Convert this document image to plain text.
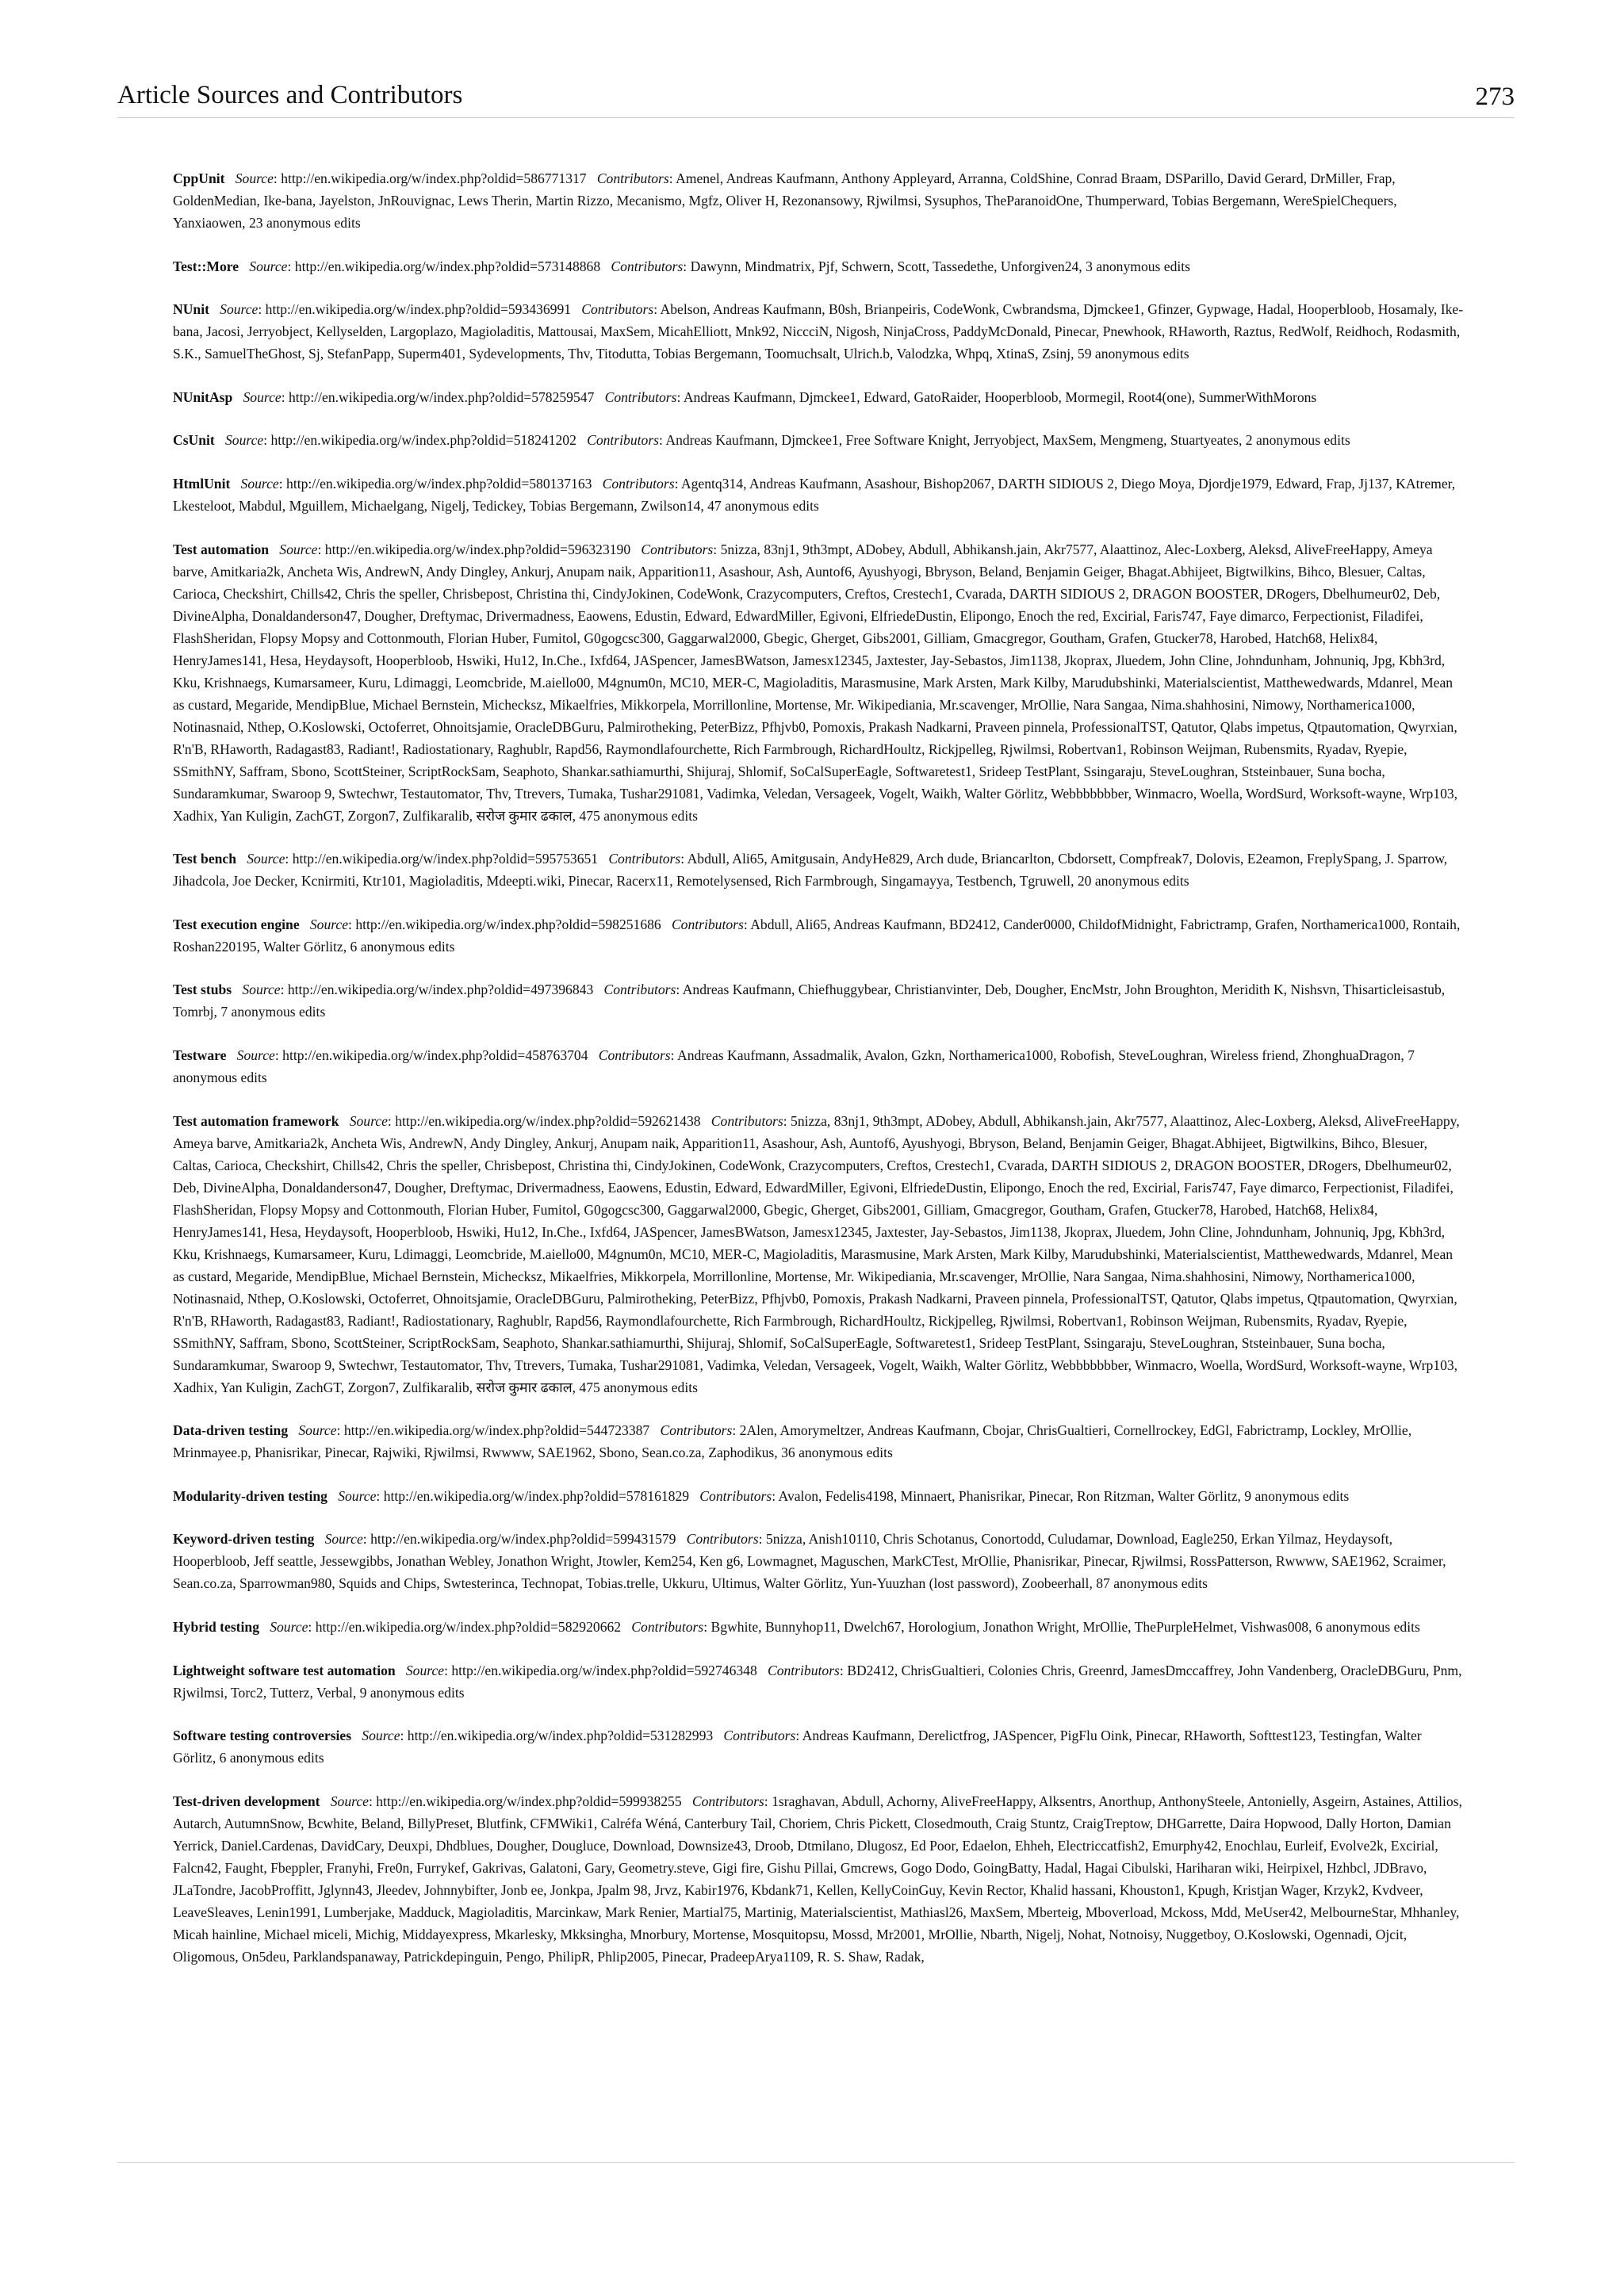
Article Sources and Contributors	273

CppUnit  Source: http://en.wikipedia.org/w/index.php?oldid=586771317  Contributors: Amenel, Andreas Kaufmann, Anthony Appleyard, Arranna, ColdShine, Conrad Braam, DSParillo, David Gerard, DrMiller, Frap, GoldenMedian, Ike-bana, Jayelston, JnRouvignac, Lews Therin, Martin Rizzo, Mecanismo, Mgfz, Oliver H, Rezonansowy, Rjwilmsi, Sysuphos, TheParanoidOne, Thumperward, Tobias Bergemann, WereSpielChequers, Yanxiaowen, 23 anonymous edits

Test::More  Source: http://en.wikipedia.org/w/index.php?oldid=573148868  Contributors: Dawynn, Mindmatrix, Pjf, Schwern, Scott, Tassedethe, Unforgiven24, 3 anonymous edits

NUnit  Source: http://en.wikipedia.org/w/index.php?oldid=593436991  Contributors: Abelson, Andreas Kaufmann, B0sh, Brianpeiris, CodeWonk, Cwbrandsma, Djmckee1, Gfinzer, Gypwage, Hadal, Hooperbloob, Hosamaly, Ike-bana, Jacosi, Jerryobject, Kellyselden, Largoplazo, Magioladitis, Mattousai, MaxSem, MicahElliott, Mnk92, NiccciN, Nigosh, NinjaCross, PaddyMcDonald, Pinecar, Pnewhook, RHaworth, Raztus, RedWolf, Reidhoch, Rodasmith, S.K., SamuelTheGhost, Sj, StefanPapp, Superm401, Sydevelopments, Thv, Titodutta, Tobias Bergemann, Toomuchsalt, Ulrich.b, Valodzka, Whpq, XtinaS, Zsinj, 59 anonymous edits

NUnitAsp  Source: http://en.wikipedia.org/w/index.php?oldid=578259547  Contributors: Andreas Kaufmann, Djmckee1, Edward, GatoRaider, Hooperbloob, Mormegil, Root4(one), SummerWithMorons

CsUnit  Source: http://en.wikipedia.org/w/index.php?oldid=518241202  Contributors: Andreas Kaufmann, Djmckee1, Free Software Knight, Jerryobject, MaxSem, Mengmeng, Stuartyeates, 2 anonymous edits

HtmlUnit  Source: http://en.wikipedia.org/w/index.php?oldid=580137163  Contributors: Agentq314, Andreas Kaufmann, Asashour, Bishop2067, DARTH SIDIOUS 2, Diego Moya, Djordje1979, Edward, Frap, Jj137, KAtremer, Lkesteloot, Mabdul, Mguillem, Michaelgang, Nigelj, Tedickey, Tobias Bergemann, Zwilson14, 47 anonymous edits

Test automation  Source: http://en.wikipedia.org/w/index.php?oldid=596323190  Contributors: 5nizza, 83nj1, 9th3mpt, ADobey, Abdull, Abhikansh.jain, Akr7577, Alaattinoz, Alec-Loxberg, Aleksd, AliveFreeHappy, Ameya barve, Amitkaria2k, Ancheta Wis, AndrewN, Andy Dingley, Ankurj, Anupam naik, Apparition11, Asashour, Ash, Auntof6, Ayushyogi, Bbryson, Beland, Benjamin Geiger, Bhagat.Abhijeet, Bigtwilkins, Bihco, Blesuer, Caltas, Carioca, Checkshirt, Chills42, Chris the speller, Chrisbepost, Christina thi, CindyJokinen, CodeWonk, Crazycomputers, Creftos, Crestech1, Cvarada, DARTH SIDIOUS 2, DRAGON BOOSTER, DRogers, Dbelhumeur02, Deb, DivineAlpha, Donaldanderson47, Dougher, Dreftymac, Drivermadness, Eaowens, Edustin, Edward, EdwardMiller, Egivoni, ElfriedeDustin, Elipongo, Enoch the red, Excirial, Faris747, Faye dimarco, Ferpectionist, Filadifei, FlashSheridan, Flopsy Mopsy and Cottonmouth, Florian Huber, Fumitol, G0gogcsc300, Gaggarwal2000, Gbegic, Gherget, Gibs2001, Gilliam, Gmacgregor, Goutham, Grafen, Gtucker78, Harobed, Hatch68, Helix84, HenryJames141, Hesa, Heydaysoft, Hooperbloob, Hswiki, Hu12, In.Che., Ixfd64, JASpencer, JamesBWatson, Jamesx12345, Jaxtester, Jay-Sebastos, Jim1138, Jkoprax, Jluedem, John Cline, Johndunham, Johnuniq, Jpg, Kbh3rd, Kku, Krishnaegs, Kumarsameer, Kuru, Ldimaggi, Leomcbride, M.aiello00, M4gnum0n, MC10, MER-C, Magioladitis, Marasmusine, Mark Arsten, Mark Kilby, Marudubshinki, Materialscientist, Matthewedwards, Mdanrel, Mean as custard, Megaride, MendipBlue, Michael Bernstein, Michecksz, Mikaelfries, Mikkorpela, Morrillonline, Mortense, Mr. Wikipediania, Mr.scavenger, MrOllie, Nara Sangaa, Nima.shahhosini, Nimowy, Northamerica1000, Notinasnaid, Nthep, O.Koslowski, Octoferret, Ohnoitsjamie, OracleDBGuru, Palmirotheking, PeterBizz, Pfhjvb0, Pomoxis, Prakash Nadkarni, Praveen pinnela, ProfessionalTST, Qatutor, Qlabs impetus, Qtpautomation, Qwyrxian, R'n'B, RHaworth, Radagast83, Radiant!, Radiostationary, Raghublr, Rapd56, Raymondlafourchette, Rich Farmbrough, RichardHoultz, Rickjpelleg, Rjwilmsi, Robertvan1, Robinson Weijman, Rubensmits, Ryadav, Ryepie, SSmithNY, Saffram, Sbono, ScottSteiner, ScriptRockSam, Seaphoto, Shankar.sathiamurthi, Shijuraj, Shlomif, SoCalSuperEagle, Softwaretest1, Srideep TestPlant, Ssingaraju, SteveLoughran, Ststeinbauer, Suna bocha, Sundaramkumar, Swaroop 9, Swtechwr, Testautomator, Thv, Ttrevers, Tumaka, Tushar291081, Vadimka, Veledan, Versageek, Vogelt, Waikh, Walter Görlitz, Webbbbbbber, Winmacro, Woella, WordSurd, Worksoft-wayne, Wrp103, Xadhix, Yan Kuligin, ZachGT, Zorgon7, Zulfikaralib, सरोज कुमार ढकाल, 475 anonymous edits

Test bench  Source: http://en.wikipedia.org/w/index.php?oldid=595753651  Contributors: Abdull, Ali65, Amitgusain, AndyHe829, Arch dude, Briancarlton, Cbdorsett, Compfreak7, Dolovis, E2eamon, FreplySpang, J. Sparrow, Jihadcola, Joe Decker, Kcnirmiti, Ktr101, Magioladitis, Mdeepti.wiki, Pinecar, Racerx11, Remotelysensed, Rich Farmbrough, Singamayya, Testbench, Tgruwell, 20 anonymous edits

Test execution engine  Source: http://en.wikipedia.org/w/index.php?oldid=598251686  Contributors: Abdull, Ali65, Andreas Kaufmann, BD2412, Cander0000, ChildofMidnight, Fabrictramp, Grafen, Northamerica1000, Rontaih, Roshan220195, Walter Görlitz, 6 anonymous edits

Test stubs  Source: http://en.wikipedia.org/w/index.php?oldid=497396843  Contributors: Andreas Kaufmann, Chiefhuggybear, Christianvinter, Deb, Dougher, EncMstr, John Broughton, Meridith K, Nishsvn, Thisarticleisastub, Tomrbj, 7 anonymous edits

Testware  Source: http://en.wikipedia.org/w/index.php?oldid=458763704  Contributors: Andreas Kaufmann, Assadmalik, Avalon, Gzkn, Northamerica1000, Robofish, SteveLoughran, Wireless friend, ZhonghuaDragon, 7 anonymous edits

Test automation framework  Source: http://en.wikipedia.org/w/index.php?oldid=592621438  Contributors: 5nizza, 83nj1, 9th3mpt, ADobey, Abdull, Abhikansh.jain, Akr7577, Alaattinoz, Alec-Loxberg, Aleksd, AliveFreeHappy, Ameya barve, Amitkaria2k, Ancheta Wis, AndrewN, Andy Dingley, Ankurj, Anupam naik, Apparition11, Asashour, Ash, Auntof6, Ayushyogi, Bbryson, Beland, Benjamin Geiger, Bhagat.Abhijeet, Bigtwilkins, Bihco, Blesuer, Caltas, Carioca, Checkshirt, Chills42, Chris the speller, Chrisbepost, Christina thi, CindyJokinen, CodeWonk, Crazycomputers, Creftos, Crestech1, Cvarada, DARTH SIDIOUS 2, DRAGON BOOSTER, DRogers, Dbelhumeur02, Deb, DivineAlpha, Donaldanderson47, Dougher, Dreftymac, Drivermadness, Eaowens, Edustin, Edward, EdwardMiller, Egivoni, ElfriedeDustin, Elipongo, Enoch the red, Excirial, Faris747, Faye dimarco, Ferpectionist, Filadifei, FlashSheridan, Flopsy Mopsy and Cottonmouth, Florian Huber, Fumitol, G0gogcsc300, Gaggarwal2000, Gbegic, Gherget, Gibs2001, Gilliam, Gmacgregor, Goutham, Grafen, Gtucker78, Harobed, Hatch68, Helix84, HenryJames141, Hesa, Heydaysoft, Hooperbloob, Hswiki, Hu12, In.Che., Ixfd64, JASpencer, JamesBWatson, Jamesx12345, Jaxtester, Jay-Sebastos, Jim1138, Jkoprax, Jluedem, John Cline, Johndunham, Johnuniq, Jpg, Kbh3rd, Kku, Krishnaegs, Kumarsameer, Kuru, Ldimaggi, Leomcbride, M.aiello00, M4gnum0n, MC10, MER-C, Magioladitis, Marasmusine, Mark Arsten, Mark Kilby, Marudubshinki, Materialscientist, Matthewedwards, Mdanrel, Mean as custard, Megaride, MendipBlue, Michael Bernstein, Michecksz, Mikaelfries, Mikkorpela, Morrillonline, Mortense, Mr. Wikipediania, Mr.scavenger, MrOllie, Nara Sangaa, Nima.shahhosini, Nimowy, Northamerica1000, Notinasnaid, Nthep, O.Koslowski, Octoferret, Ohnoitsjamie, OracleDBGuru, Palmirotheking, PeterBizz, Pfhjvb0, Pomoxis, Prakash Nadkarni, Praveen pinnela, ProfessionalTST, Qatutor, Qlabs impetus, Qtpautomation, Qwyrxian, R'n'B, RHaworth, Radagast83, Radiant!, Radiostationary, Raghublr, Rapd56, Raymondlafourchette, Rich Farmbrough, RichardHoultz, Rickjpelleg, Rjwilmsi, Robertvan1, Robinson Weijman, Rubensmits, Ryadav, Ryepie, SSmithNY, Saffram, Sbono, ScottSteiner, ScriptRockSam, Seaphoto, Shankar.sathiamurthi, Shijuraj, Shlomif, SoCalSuperEagle, Softwaretest1, Srideep TestPlant, Ssingaraju, SteveLoughran, Ststeinbauer, Suna bocha, Sundaramkumar, Swaroop 9, Swtechwr, Testautomator, Thv, Ttrevers, Tumaka, Tushar291081, Vadimka, Veledan, Versageek, Vogelt, Waikh, Walter Görlitz, Webbbbbbber, Winmacro, Woella, WordSurd, Worksoft-wayne, Wrp103, Xadhix, Yan Kuligin, ZachGT, Zorgon7, Zulfikaralib, सरोज कुमार ढकाल, 475 anonymous edits

Data-driven testing  Source: http://en.wikipedia.org/w/index.php?oldid=544723387  Contributors: 2Alen, Amorymeltzer, Andreas Kaufmann, Cbojar, ChrisGualtieri, Cornellrockey, EdGl, Fabrictramp, Lockley, MrOllie, Mrinmayee.p, Phanisrikar, Pinecar, Rajwiki, Rjwilmsi, Rwwww, SAE1962, Sbono, Sean.co.za, Zaphodikus, 36 anonymous edits

Modularity-driven testing  Source: http://en.wikipedia.org/w/index.php?oldid=578161829  Contributors: Avalon, Fedelis4198, Minnaert, Phanisrikar, Pinecar, Ron Ritzman, Walter Görlitz, 9 anonymous edits

Keyword-driven testing  Source: http://en.wikipedia.org/w/index.php?oldid=599431579  Contributors: 5nizza, Anish10110, Chris Schotanus, Conortodd, Culudamar, Download, Eagle250, Erkan Yilmaz, Heydaysoft, Hooperbloob, Jeff seattle, Jessewgibbs, Jonathan Webley, Jonathon Wright, Jtowler, Kem254, Ken g6, Lowmagnet, Maguschen, MarkCTest, MrOllie, Phanisrikar, Pinecar, Rjwilmsi, RossPatterson, Rwwww, SAE1962, Scraimer, Sean.co.za, Sparrowman980, Squids and Chips, Swtesterinca, Technopat, Tobias.trelle, Ukkuru, Ultimus, Walter Görlitz, Yun-Yuuzhan (lost password), Zoobeerhall, 87 anonymous edits

Hybrid testing  Source: http://en.wikipedia.org/w/index.php?oldid=582920662  Contributors: Bgwhite, Bunnyhop11, Dwelch67, Horologium, Jonathon Wright, MrOllie, ThePurpleHelmet, Vishwas008, 6 anonymous edits

Lightweight software test automation  Source: http://en.wikipedia.org/w/index.php?oldid=592746348  Contributors: BD2412, ChrisGualtieri, Colonies Chris, Greenrd, JamesDmccaffrey, John Vandenberg, OracleDBGuru, Pnm, Rjwilmsi, Torc2, Tutterz, Verbal, 9 anonymous edits

Software testing controversies  Source: http://en.wikipedia.org/w/index.php?oldid=531282993  Contributors: Andreas Kaufmann, Derelictfrog, JASpencer, PigFlu Oink, Pinecar, RHaworth, Softtest123, Testingfan, Walter Görlitz, 6 anonymous edits

Test-driven development  Source: http://en.wikipedia.org/w/index.php?oldid=599938255  Contributors: 1sraghavan, Abdull, Achorny, AliveFreeHappy, Alksentrs, Anorthup, AnthonySteele, Antonielly, Asgeirn, Astaines, Attilios, Autarch, AutumnSnow, Bcwhite, Beland, BillyPreset, Blutfink, CFMWiki1, Calréfa Wéná, Canterbury Tail, Choriem, Chris Pickett, Closedmouth, Craig Stuntz, CraigTreptow, DHGarrette, Daira Hopwood, Dally Horton, Damian Yerrick, Daniel.Cardenas, DavidCary, Deuxpi, Dhdblues, Dougher, Dougluce, Download, Downsize43, Droob, Dtmilano, Dlugosz, Ed Poor, Edaelon, Ehheh, Electriccatfish2, Emurphy42, Enochlau, Eurleif, Evolve2k, Excirial, Falcn42, Faught, Fbeppler, Franyhi, Fre0n, Furrykef, Gakrivas, Galatoni, Gary, Geometry.steve, Gigi fire, Gishu Pillai, Gmcrews, Gogo Dodo, GoingBatty, Hadal, Hagai Cibulski, Hariharan wiki, Heirpixel, Hzhbcl, JDBravo, JLaTondre, JacobProffitt, Jglynn43, Jleedev, Johnnybifter, Jonb ee, Jonkpa, Jpalm 98, Jrvz, Kabir1976, Kbdank71, Kellen, KellyCoinGuy, Kevin Rector, Khalid hassani, Khouston1, Kpugh, Kristjan Wager, Krzyk2, Kvdveer, LeaveSleaves, Lenin1991, Lumberjake, Madduck, Magioladitis, Marcinkaw, Mark Renier, Martial75, Martinig, Materialscientist, Mathiasl26, MaxSem, Mberteig, Mboverload, Mckoss, Mdd, MeUser42, MelbourneStar, Mhhanley, Micah hainline, Michael miceli, Michig, Middayexpress, Mkarlesky, Mkksingha, Mnorbury, Mortense, Mosquitopsu, Mossd, Mr2001, MrOllie, Nbarth, Nigelj, Nohat, Notnoisy, Nuggetboy, O.Koslowski, Ogennadi, Ojcit, Oligomous, On5deu, Parklandspanaway, Patrickdepinguin, Pengo, PhilipR, Phlip2005, Pinecar, PradeepArya1109, R. S. Shaw, Radak,
